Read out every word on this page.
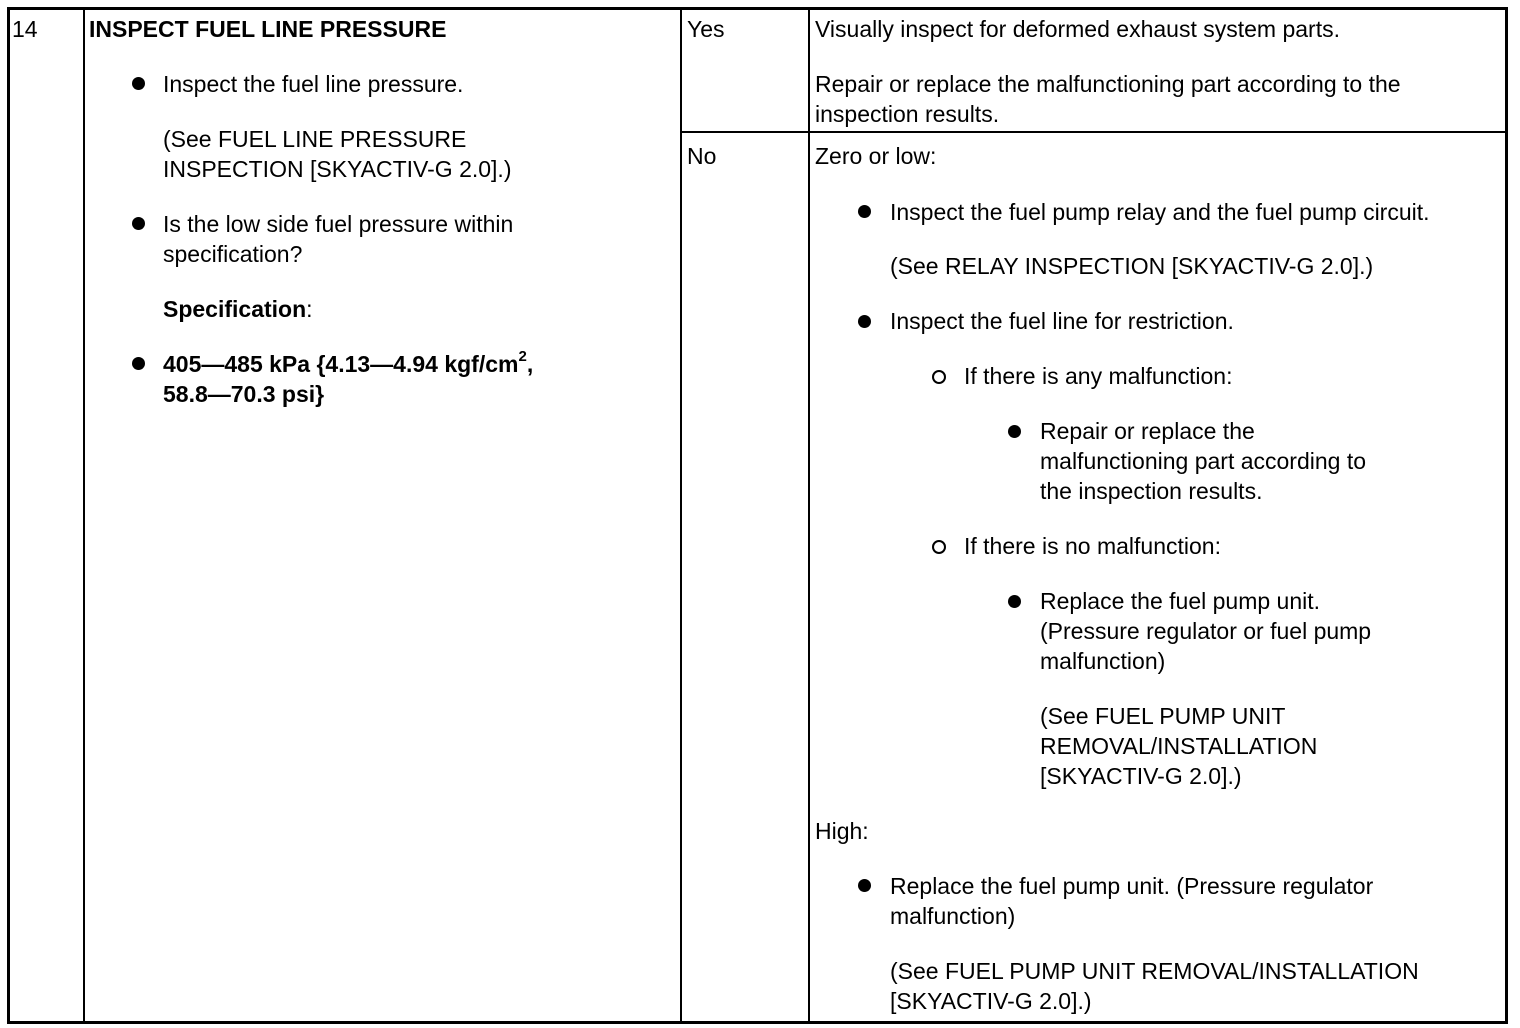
14 INSPECT FUEL LINE PRESSURE
Inspect the fuel line pressure.
(See FUEL LINE PRESSURE
INSPECTION [SKYACTIV-G 2.0].)
Is the low side fuel pressure within
specification?
Specification:
405—485 kPa {4.13—4.94 kgf/$cm^2$,
58.8—70.3 psi}
Yes	Visually inspect for deformed exhaust system parts.
Repair or replace the malfunctioning part according to the
inspection results.
No	Zero or low:
Inspect the fuel pump relay and the fuel pump circuit.
(See RELAY INSPECTION [SKYACTIV-G 2.0].)
Inspect the fuel line for restriction.
If there is any malfunction:
Repair or replace the
malfunctioning part according to
the inspection results.
If there is no malfunction:
Replace the fuel pump unit.
(Pressure regulator or fuel pump
malfunction)
(See FUEL PUMP UNIT
REMOVAL/INSTALLATION
[SKYACTIV-G 2.0].)
High:
Replace the fuel pump unit. (Pressure regulator
malfunction)
(See FUEL PUMP UNIT REMOVAL/INSTALLATION
[SKYACTIV-G 2.0].)
